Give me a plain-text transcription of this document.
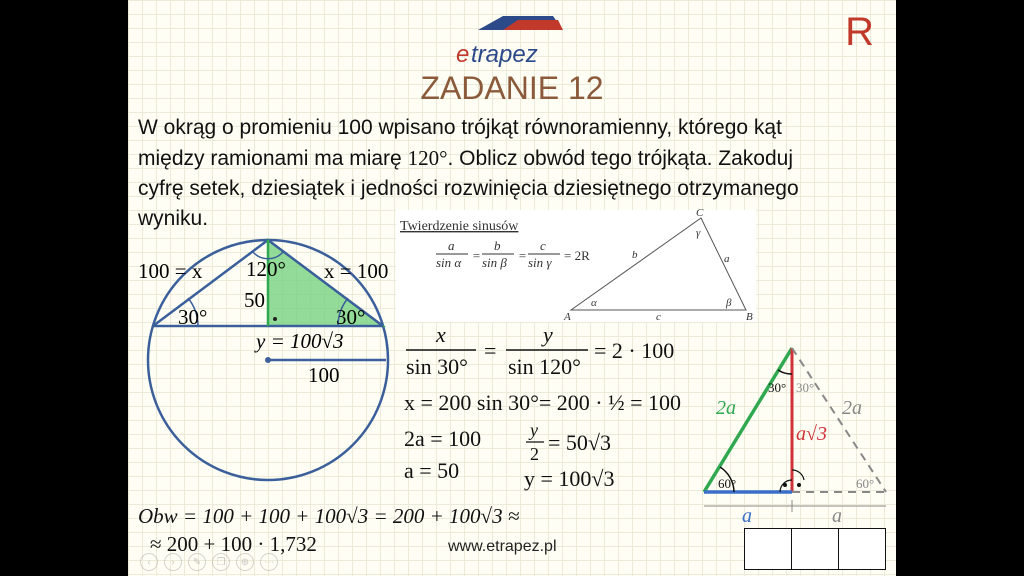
e trapez
R
ZADANIE 12
W okrąg o promieniu 100 wpisano trójkąt równoramienny, którego kąt
między ramionami ma miarę 120°. Oblicz obwód tego trójkąta. Zakoduj
cyfrę setek, dziesiątek i jedności rozwinięcia dziesiętnego otrzymanego
wyniku.
100 = x 120° x = 100
50
30°	30°
y = 100√3
100
Twierdzenie sinusów
a
sin α =
b
sin β =
c
sin γ = 2R
A	B
C
a
b
c
α	β
γ
x
sin 30°
=
y
sin 120°
= 2 · 100
x = 200 sin 30°= 200 · ½ = 100
2a = 100	y
2 = 50√3
a = 50	y = 100√3
Obw = 100 + 100 + 100√3 = 200 + 100√3 ≈
≈ 200 + 100 · 1,732
2a	2a
a√3
30° 30°
60°	60°
a	a
www.etrapez.pl
‹	›	✎	❐	⊕	⋯
